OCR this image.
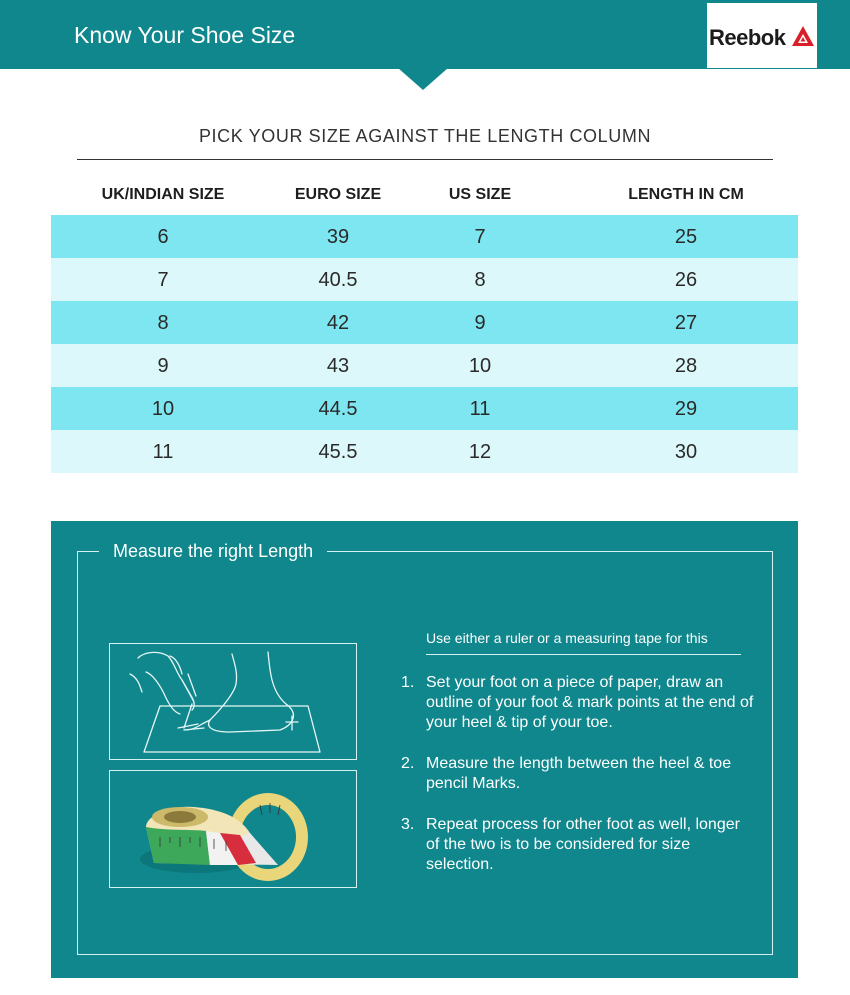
Know Your Shoe Size	Reebok
PICK YOUR SIZE AGAINST THE LENGTH COLUMN
UK/INDIAN SIZE	EURO SIZE	US SIZE	LENGTH IN CM
6	39	7	25
7	40.5	8	26
8	42	9	27
9	43	10	28
10	44.5	11	29
11	45.5	12	30
Measure the right Length
Use either a ruler or a measuring tape for this
1. Set your foot on a piece of paper, draw an outline of your foot & mark points at the end of your heel & tip of your toe.
2. Measure the length between the heel & toe            pencil Marks.
3. Repeat process for other foot as well, longer of the two is to be considered for size selection.
